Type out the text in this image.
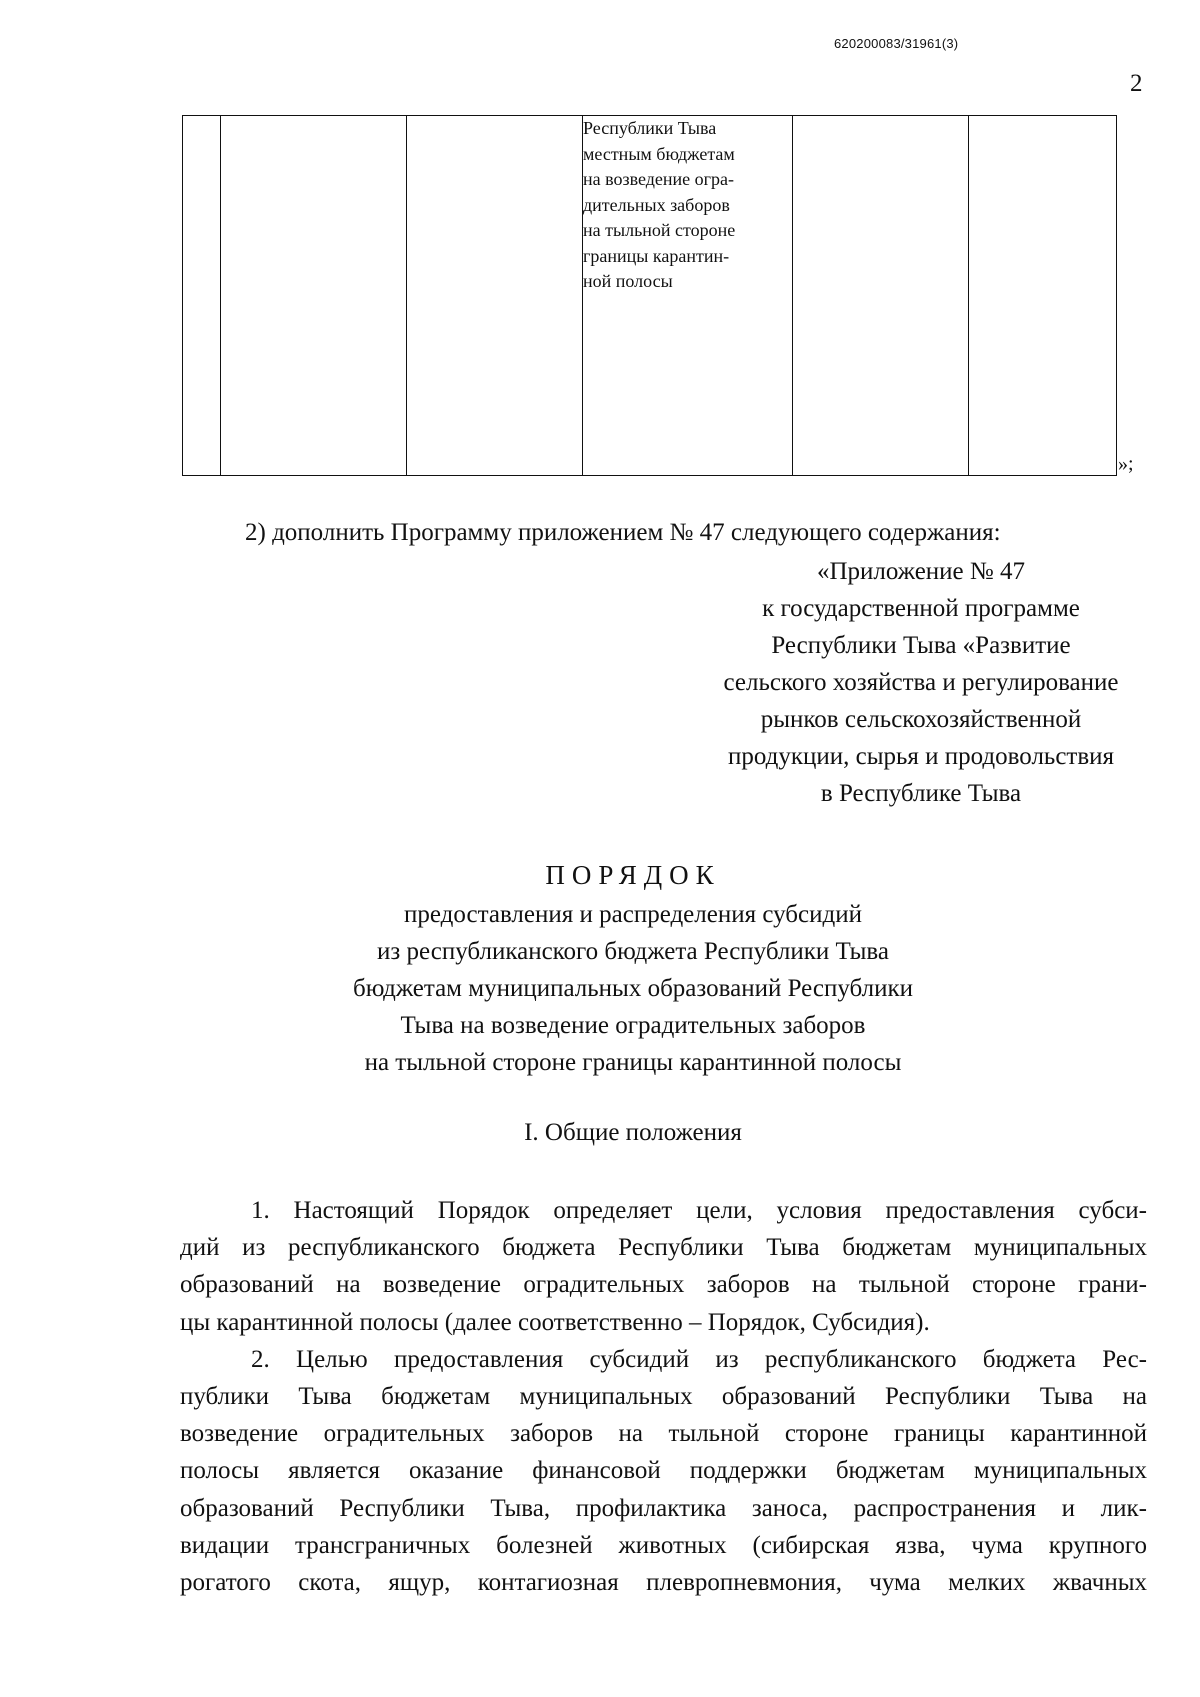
620200083/31961(3)
2

Республики Тыва
местным бюджетам
на возведение огра-
дительных заборов
на тыльной стороне
границы карантин-
ной полосы

»;
2) дополнить Программу приложением № 47 следующего содержания:
«Приложение № 47
к государственной программе
Республики Тыва «Развитие
сельского хозяйства и регулирование
рынков сельскохозяйственной
продукции, сырья и продовольствия
в Республике Тыва
ПОРЯДОК
предоставления и распределения субсидий
из республиканского бюджета Республики Тыва
бюджетам муниципальных образований Республики
Тыва на возведение оградительных заборов
на тыльной стороне границы карантинной полосы
I. Общие положения
1. Настоящий Порядок определяет цели, условия предоставления субси-
дий из республиканского бюджета Республики Тыва бюджетам муниципальных
образований на возведение оградительных заборов на тыльной стороне грани-
цы карантинной полосы (далее соответственно – Порядок, Субсидия).
2. Целью предоставления субсидий из республиканского бюджета Рес-
публики Тыва бюджетам муниципальных образований Республики Тыва на
возведение оградительных заборов на тыльной стороне границы карантинной
полосы является оказание финансовой поддержки бюджетам муниципальных
образований Республики Тыва, профилактика заноса, распространения и лик-
видации трансграничных болезней животных (сибирская язва, чума крупного
рогатого скота, ящур, контагиозная плевропневмония, чума мелких жвачных
